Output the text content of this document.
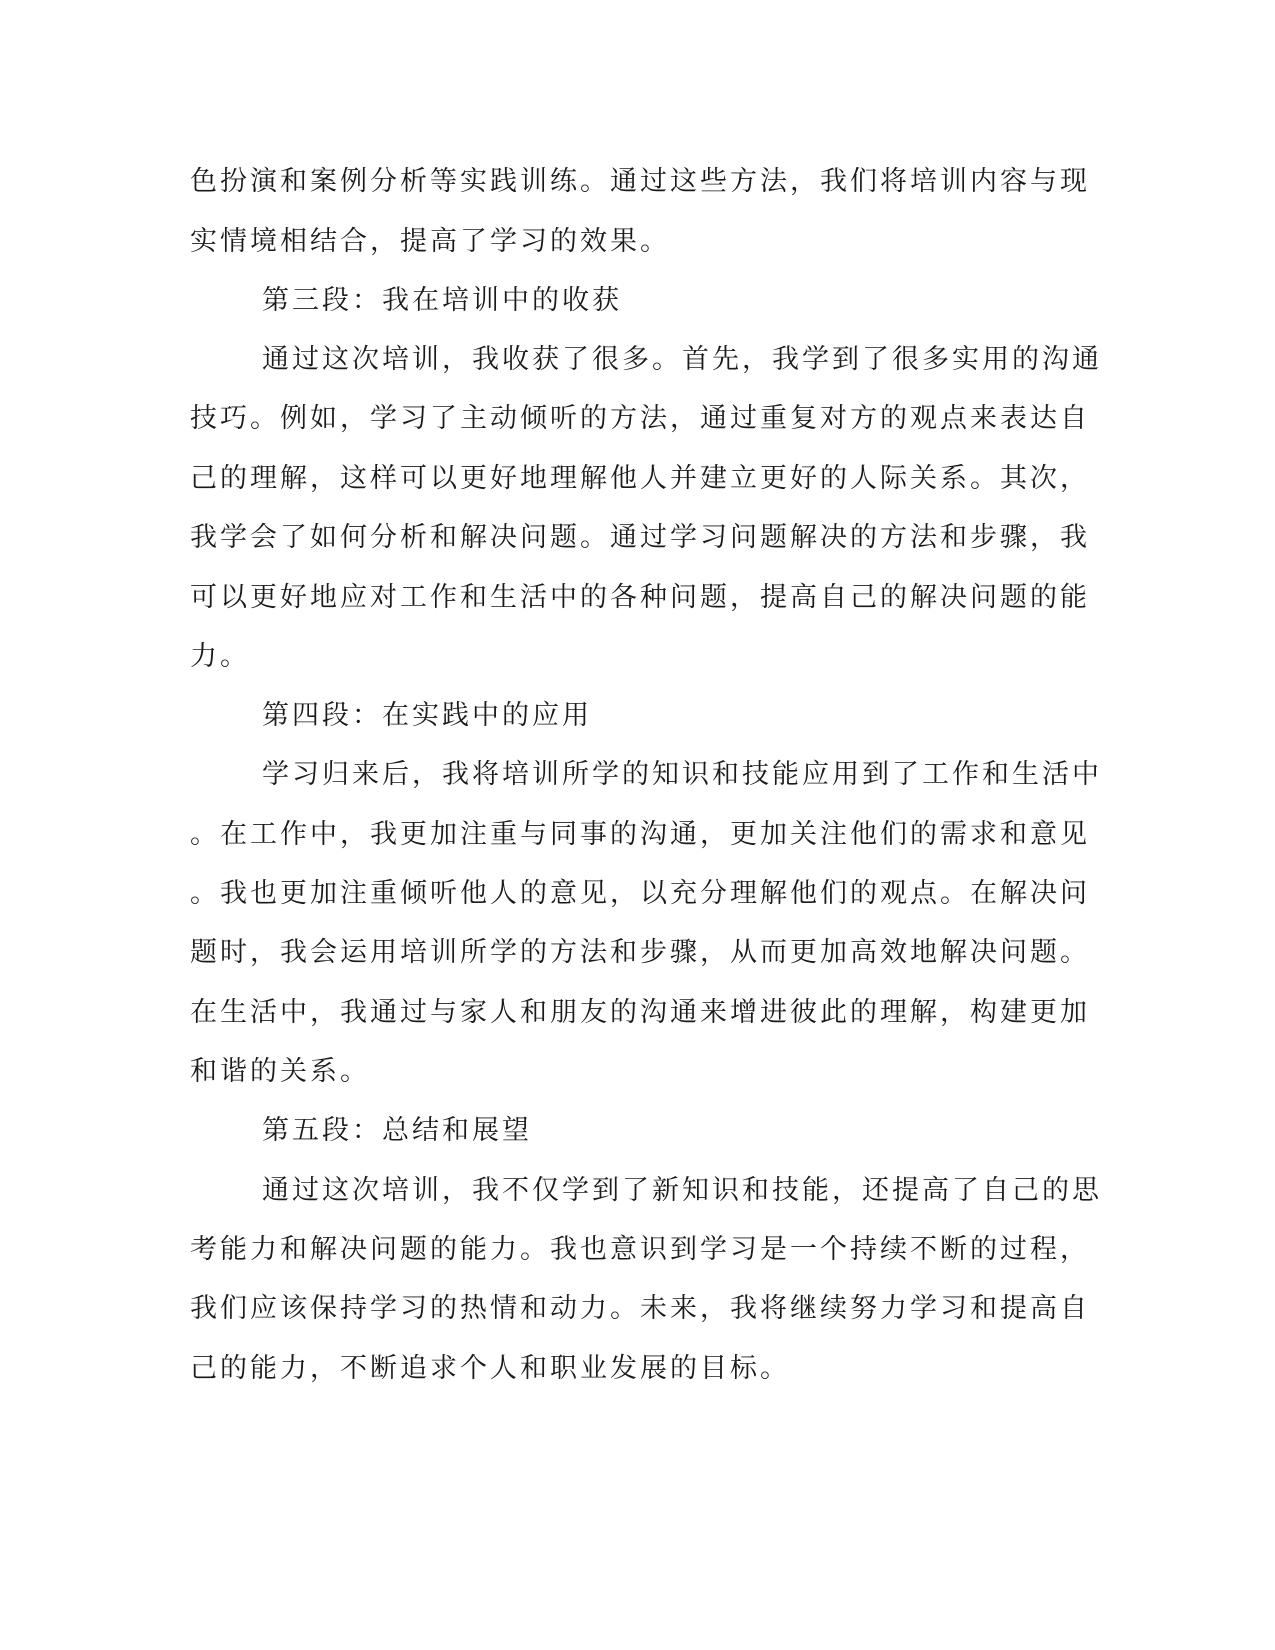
色扮演和案例分析等实践训练。通过这些方法，我们将培训内容与现
实情境相结合，提高了学习的效果。
第三段：我在培训中的收获
通过这次培训，我收获了很多。首先，我学到了很多实用的沟通
技巧。例如，学习了主动倾听的方法，通过重复对方的观点来表达自
己的理解，这样可以更好地理解他人并建立更好的人际关系。其次，
我学会了如何分析和解决问题。通过学习问题解决的方法和步骤，我
可以更好地应对工作和生活中的各种问题，提高自己的解决问题的能
力。
第四段：在实践中的应用
学习归来后，我将培训所学的知识和技能应用到了工作和生活中
。在工作中，我更加注重与同事的沟通，更加关注他们的需求和意见
。我也更加注重倾听他人的意见，以充分理解他们的观点。在解决问
题时，我会运用培训所学的方法和步骤，从而更加高效地解决问题。
在生活中，我通过与家人和朋友的沟通来增进彼此的理解，构建更加
和谐的关系。
第五段：总结和展望
通过这次培训，我不仅学到了新知识和技能，还提高了自己的思
考能力和解决问题的能力。我也意识到学习是一个持续不断的过程，
我们应该保持学习的热情和动力。未来，我将继续努力学习和提高自
己的能力，不断追求个人和职业发展的目标。
